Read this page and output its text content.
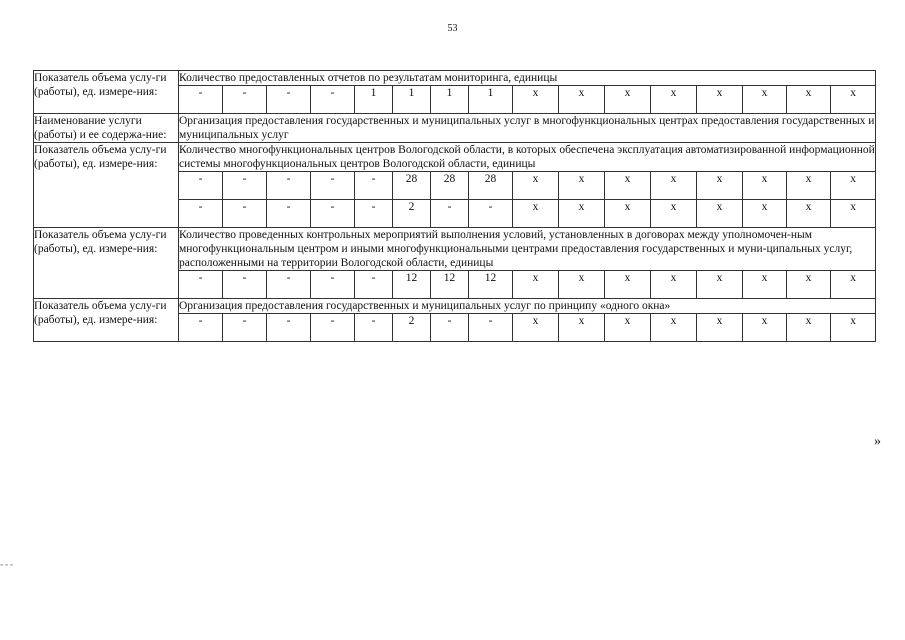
53
Показатель объема услу-ги (работы), ед. измере-ния:	Количество предоставленных отчетов по результатам мониторинга, единицы															
	-	-	-	-	1	1	1	1	x	x	x	x	x	x	x	x
Наименование услуги (работы) и ее содержа-ние:	Организация предоставления государственных и муниципальных услуг в многофункциональных центрах предоставления государственных и муниципальных услуг															
Показатель объема услу-ги (работы), ед. измере-ния:	Количество многофункциональных центров Вологодской области, в которых обеспечена эксплуатация автоматизированной информационной системы многофункциональных центров Вологодской области, единицы															
	-	-	-	-	-	28	28	28	x	x	x	x	x	x	x	x
	-	-	-	-	-	2	-	-	x	x	x	x	x	x	x	x
Показатель объема услу-ги (работы), ед. измере-ния:	Количество проведенных контрольных мероприятий выполнения условий, установленных в договорах между уполномочен-ным многофункциональным центром и иными многофункциональными центрами предоставления государственных и муни-ципальных услуг, расположенными на территории Вологодской области, единицы															
	-	-	-	-	-	12	12	12	x	x	x	x	x	x	x	x
Показатель объема услу-ги (работы), ед. измере-ния:	Организация предоставления государственных и муниципальных услуг по принципу «одного окна»															
	-	-	-	-	-	2	-	-	x	x	x	x	x	x	x	x
»
= = =
